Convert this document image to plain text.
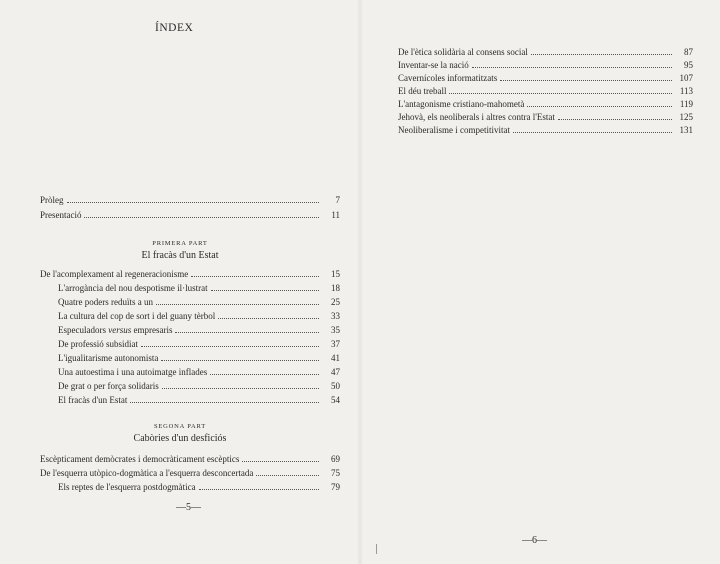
ÍNDEX
Pròleg	7
Presentació	11
PRIMERA PART
El fracàs d'un Estat
De l'acomplexament al regeneracionisme	15
L'arrogància del nou despotisme il·lustrat	18
Quatre poders reduïts a un	25
La cultura del cop de sort i del guany tèrbol	33
Especuladors versus empresaris	35
De professió subsidiat	37
L'igualitarisme autonomista	41
Una autoestima i una autoimatge inflades	47
De grat o per força solidaris	50
El fracàs d'un Estat	54
SEGONA PART
Cabòries d'un desficiós
Escèpticament demòcrates i democràticament escèptics	69
De l'esquerra utòpico-dogmàtica a l'esquerra desconcertada	75
Els reptes de l'esquerra postdogmàtica	79
—5—
De l'ètica solidària al consens social	87
Inventar-se la nació	95
Cavernícoles informatitzats	107
El déu treball	113
L'antagonisme cristiano-mahometà	119
Jehovà, els neoliberals i altres contra l'Estat	125
Neoliberalisme i competitivitat	131
—6—
